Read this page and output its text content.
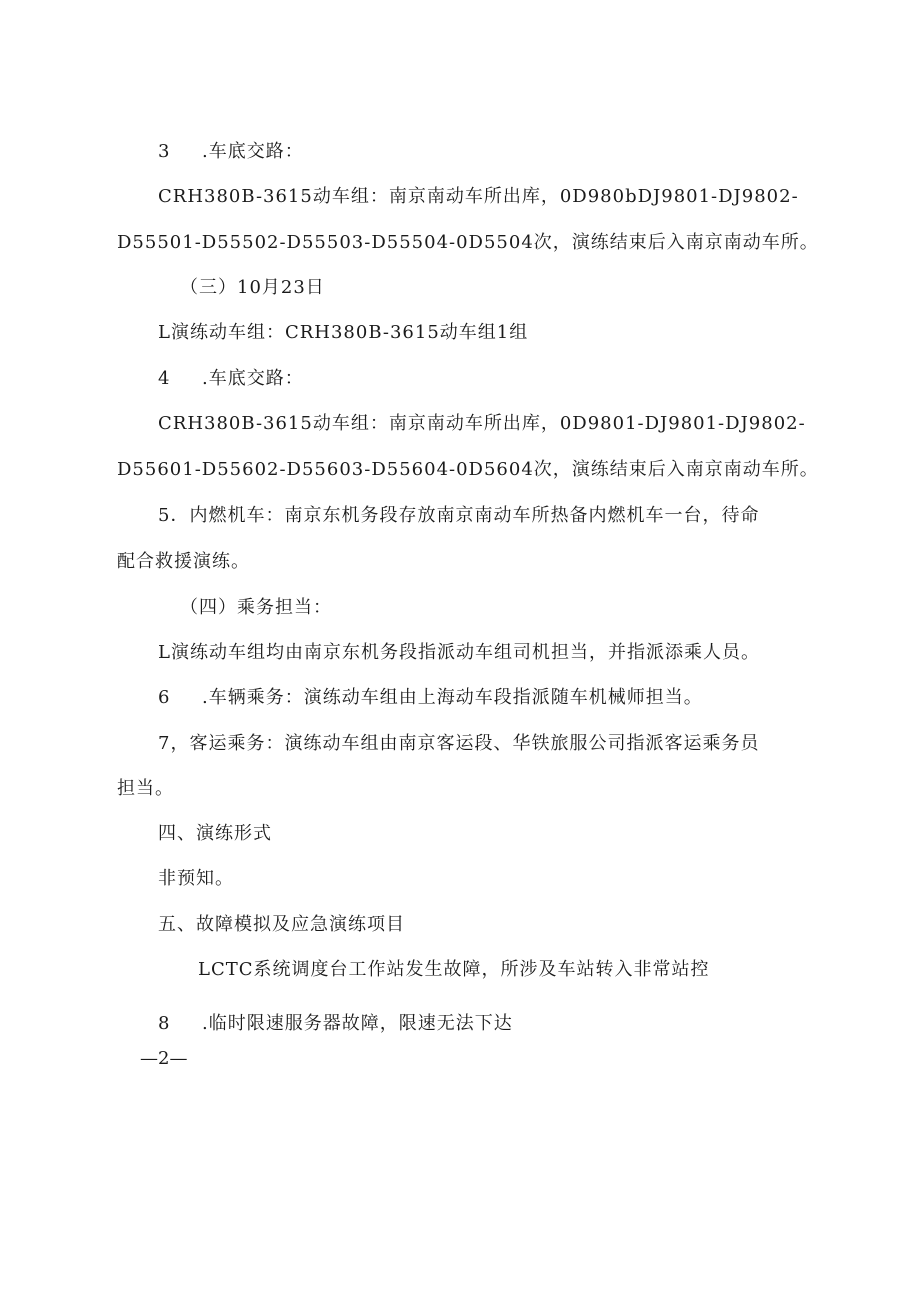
3 .车底交路：
CRH380B-3615动车组：南京南动车所出库，0D980bDJ9801-DJ9802-
D55501-D55502-D55503-D55504-0D5504次，演练结束后入南京南动车所。
（三）10月23日
L演练动车组：CRH380B-3615动车组1组
4 .车底交路：
CRH380B-3615动车组：南京南动车所出库，0D9801-DJ9801-DJ9802-
D55601-D55602-D55603-D55604-0D5604次，演练结束后入南京南动车所。
5．内燃机车：南京东机务段存放南京南动车所热备内燃机车一台，待命
配合救援演练。
（四）乘务担当：
L演练动车组均由南京东机务段指派动车组司机担当，并指派添乘人员。
6 .车辆乘务：演练动车组由上海动车段指派随车机械师担当。
7，客运乘务：演练动车组由南京客运段、华铁旅服公司指派客运乘务员
担当。
四、演练形式
非预知。
五、故障模拟及应急演练项目
LCTC系统调度台工作站发生故障，所涉及车站转入非常站控
8 .临时限速服务器故障，限速无法下达
—2—
